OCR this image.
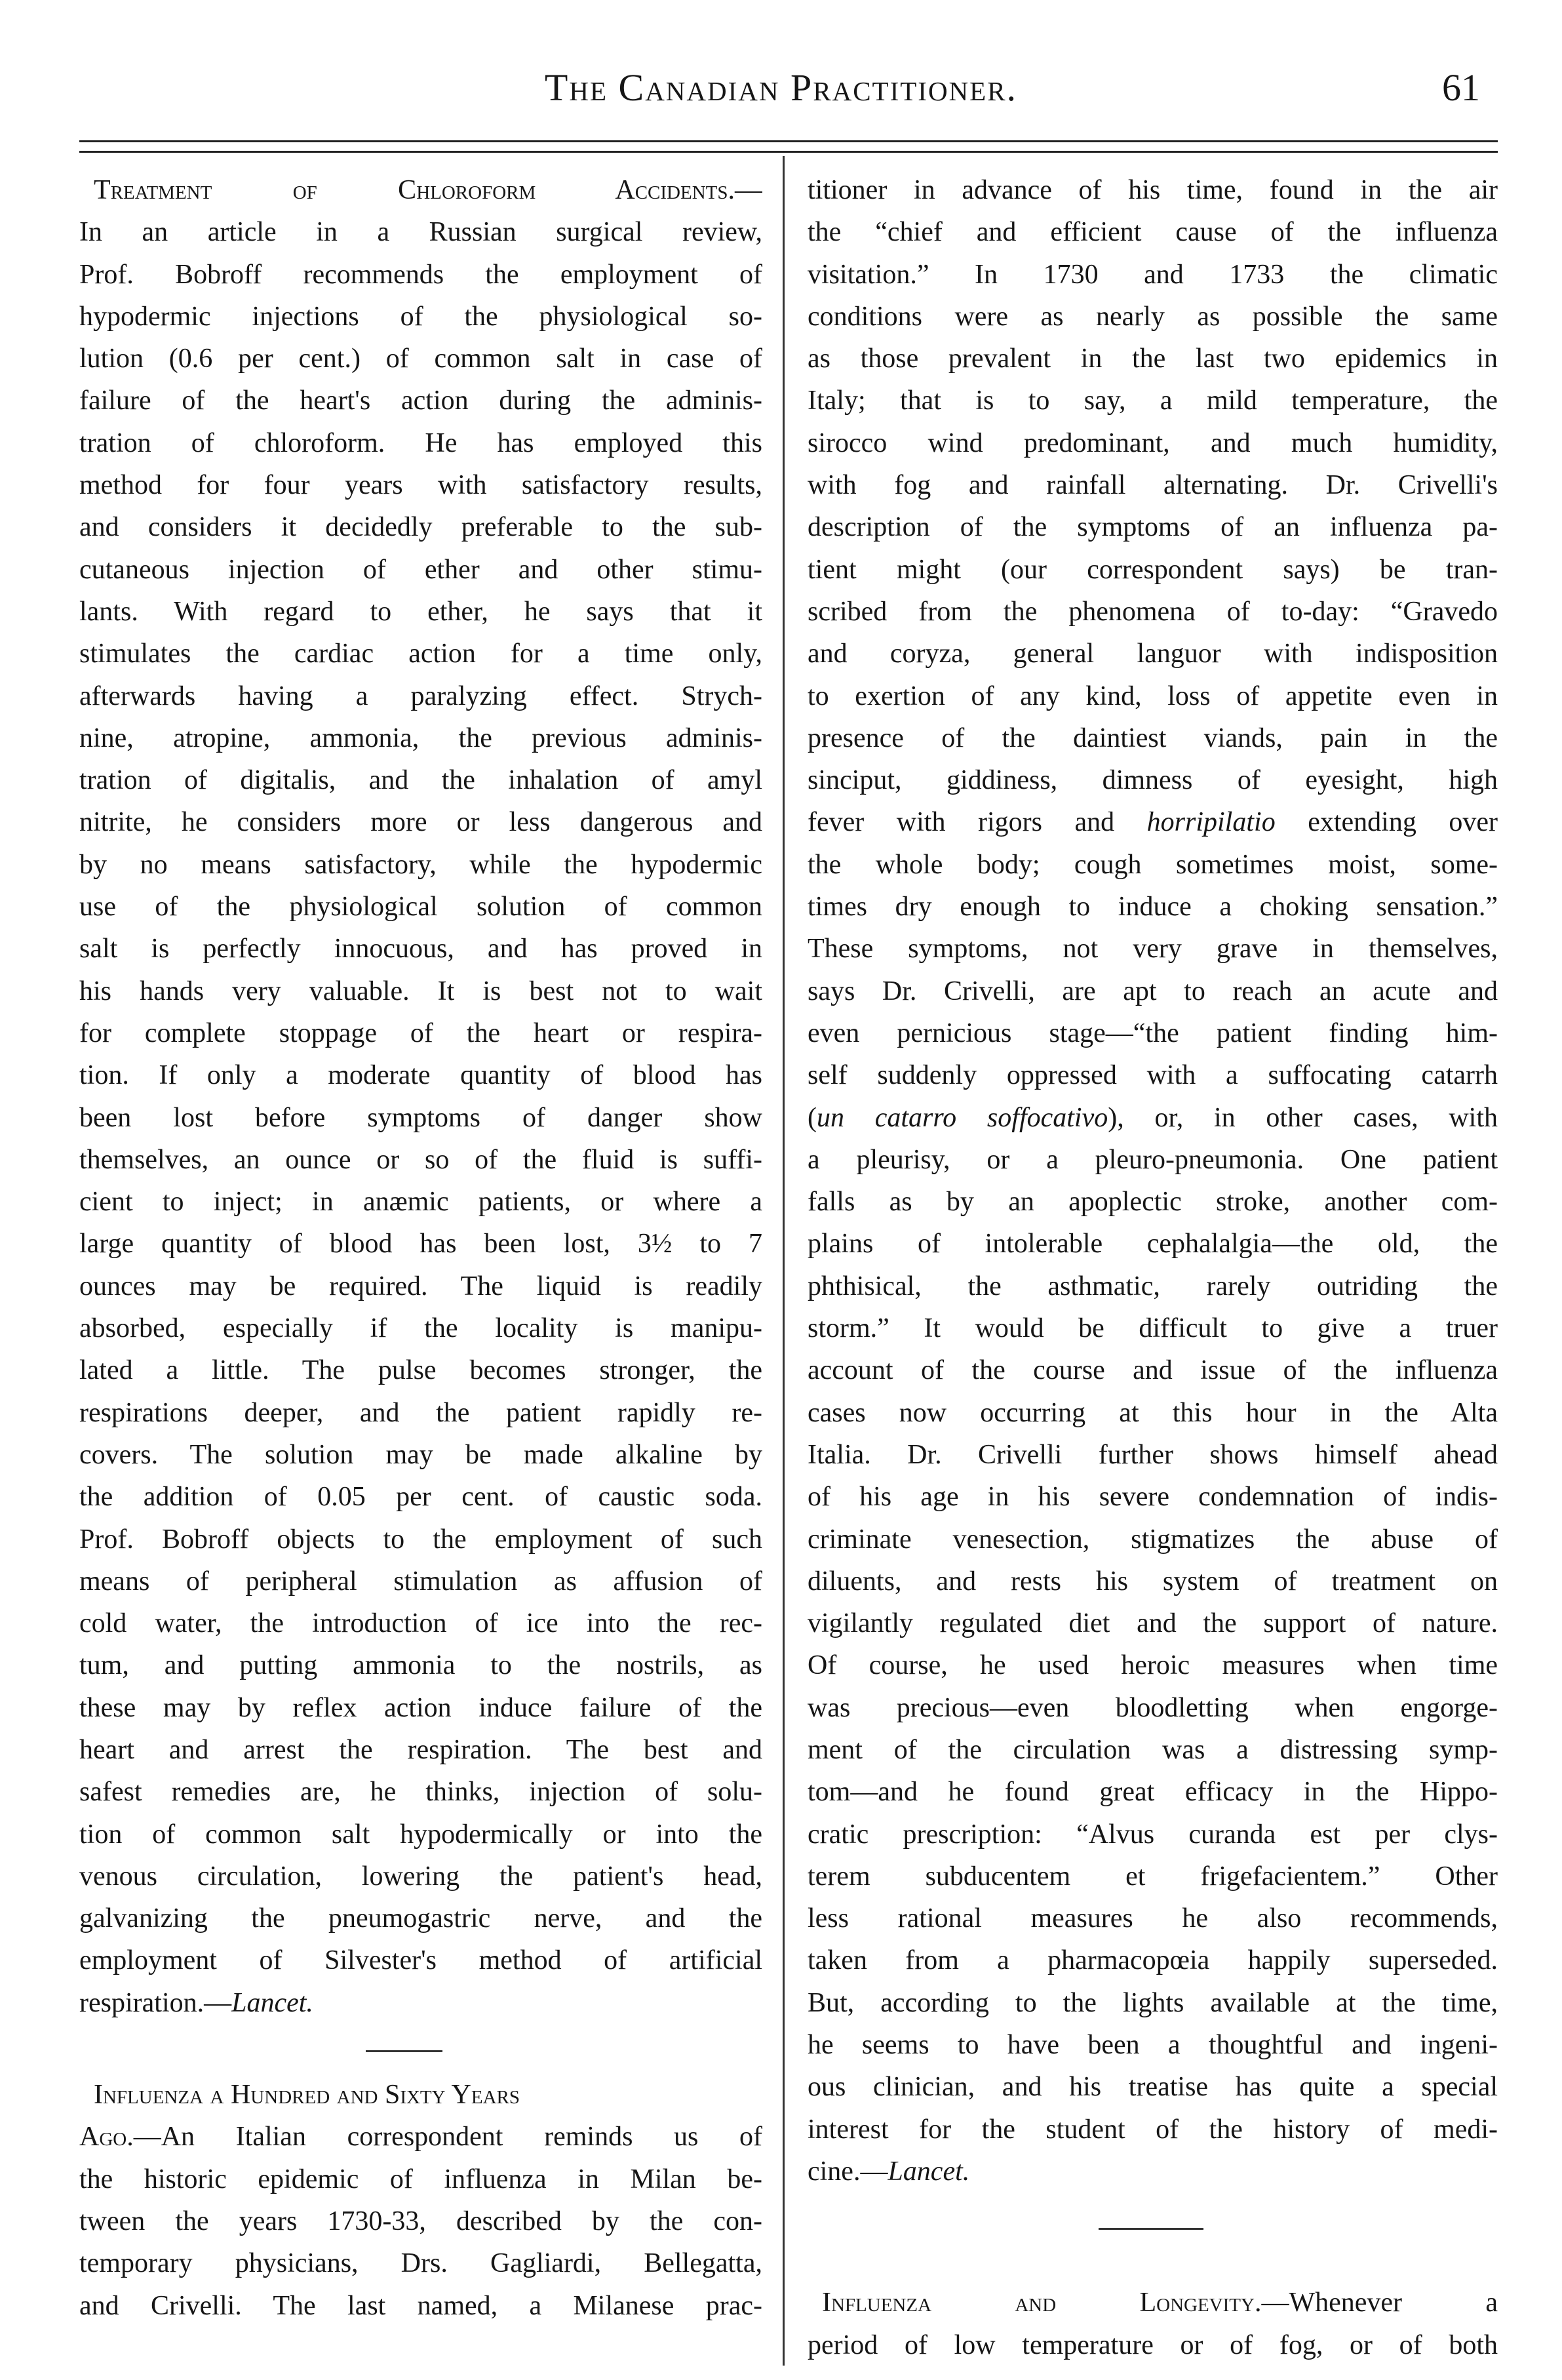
The Canadian Practitioner.	61
Treatment of Chloroform Accidents.—
In an article in a Russian surgical review,
Prof. Bobroff recommends the employment of
hypodermic injections of the physiological so-
lution (0.6 per cent.) of common salt in case of
failure of the heart's action during the adminis-
tration of chloroform. He has employed this
method for four years with satisfactory results,
and considers it decidedly preferable to the sub-
cutaneous injection of ether and other stimu-
lants. With regard to ether, he says that it
stimulates the cardiac action for a time only,
afterwards having a paralyzing effect. Strych-
nine, atropine, ammonia, the previous adminis-
tration of digitalis, and the inhalation of amyl
nitrite, he considers more or less dangerous and
by no means satisfactory, while the hypodermic
use of the physiological solution of common
salt is perfectly innocuous, and has proved in
his hands very valuable. It is best not to wait
for complete stoppage of the heart or respira-
tion. If only a moderate quantity of blood has
been lost before symptoms of danger show
themselves, an ounce or so of the fluid is suffi-
cient to inject; in anæmic patients, or where a
large quantity of blood has been lost, 3½ to 7
ounces may be required. The liquid is readily
absorbed, especially if the locality is manipu-
lated a little. The pulse becomes stronger, the
respirations deeper, and the patient rapidly re-
covers. The solution may be made alkaline by
the addition of 0.05 per cent. of caustic soda.
Prof. Bobroff objects to the employment of such
means of peripheral stimulation as affusion of
cold water, the introduction of ice into the rec-
tum, and putting ammonia to the nostrils, as
these may by reflex action induce failure of the
heart and arrest the respiration. The best and
safest remedies are, he thinks, injection of solu-
tion of common salt hypodermically or into the
venous circulation, lowering the patient's head,
galvanizing the pneumogastric nerve, and the
employment of Silvester's method of artificial
respiration.—Lancet.
Influenza a Hundred and Sixty Years
Ago.—An Italian correspondent reminds us of
the historic epidemic of influenza in Milan be-
tween the years 1730-33, described by the con-
temporary physicians, Drs. Gagliardi, Bellegatta,
and Crivelli. The last named, a Milanese prac-
titioner in advance of his time, found in the air
the “chief and efficient cause of the influenza
visitation.” In 1730 and 1733 the climatic
conditions were as nearly as possible the same
as those prevalent in the last two epidemics in
Italy; that is to say, a mild temperature, the
sirocco wind predominant, and much humidity,
with fog and rainfall alternating. Dr. Crivelli's
description of the symptoms of an influenza pa-
tient might (our correspondent says) be tran-
scribed from the phenomena of to-day: “Gravedo
and coryza, general languor with indisposition
to exertion of any kind, loss of appetite even in
presence of the daintiest viands, pain in the
sinciput, giddiness, dimness of eyesight, high
fever with rigors and horripilatio extending over
the whole body; cough sometimes moist, some-
times dry enough to induce a choking sensation.”
These symptoms, not very grave in themselves,
says Dr. Crivelli, are apt to reach an acute and
even pernicious stage—“the patient finding him-
self suddenly oppressed with a suffocating catarrh
(un catarro soffocativo), or, in other cases, with
a pleurisy, or a pleuro-pneumonia. One patient
falls as by an apoplectic stroke, another com-
plains of intolerable cephalalgia—the old, the
phthisical, the asthmatic, rarely outriding the
storm.” It would be difficult to give a truer
account of the course and issue of the influenza
cases now occurring at this hour in the Alta
Italia. Dr. Crivelli further shows himself ahead
of his age in his severe condemnation of indis-
criminate venesection, stigmatizes the abuse of
diluents, and rests his system of treatment on
vigilantly regulated diet and the support of nature.
Of course, he used heroic measures when time
was precious—even bloodletting when engorge-
ment of the circulation was a distressing symp-
tom—and he found great efficacy in the Hippo-
cratic prescription: “Alvus curanda est per clys-
terem subducentem et frigefacientem.” Other
less rational measures he also recommends,
taken from a pharmacopœia happily superseded.
But, according to the lights available at the time,
he seems to have been a thoughtful and ingeni-
ous clinician, and his treatise has quite a special
interest for the student of the history of medi-
cine.—Lancet.
Influenza and Longevity.—Whenever a
period of low temperature or of fog, or of both
